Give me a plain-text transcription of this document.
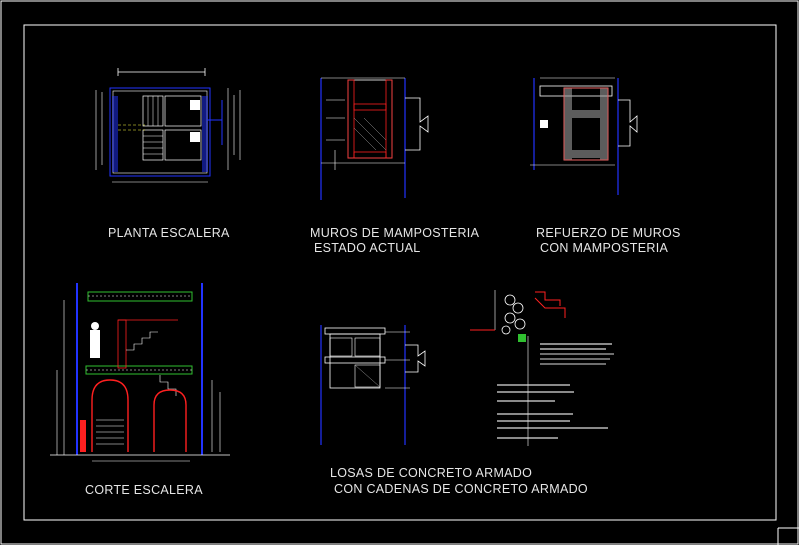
PLANTA ESCALERA	MUROS DE MAMPOSTERIA
ESTADO ACTUAL
REFUERZO DE MUROS
CON MAMPOSTERIA
CORTE ESCALERA
LOSAS DE CONCRETO ARMADO
CON CADENAS DE CONCRETO ARMADO
